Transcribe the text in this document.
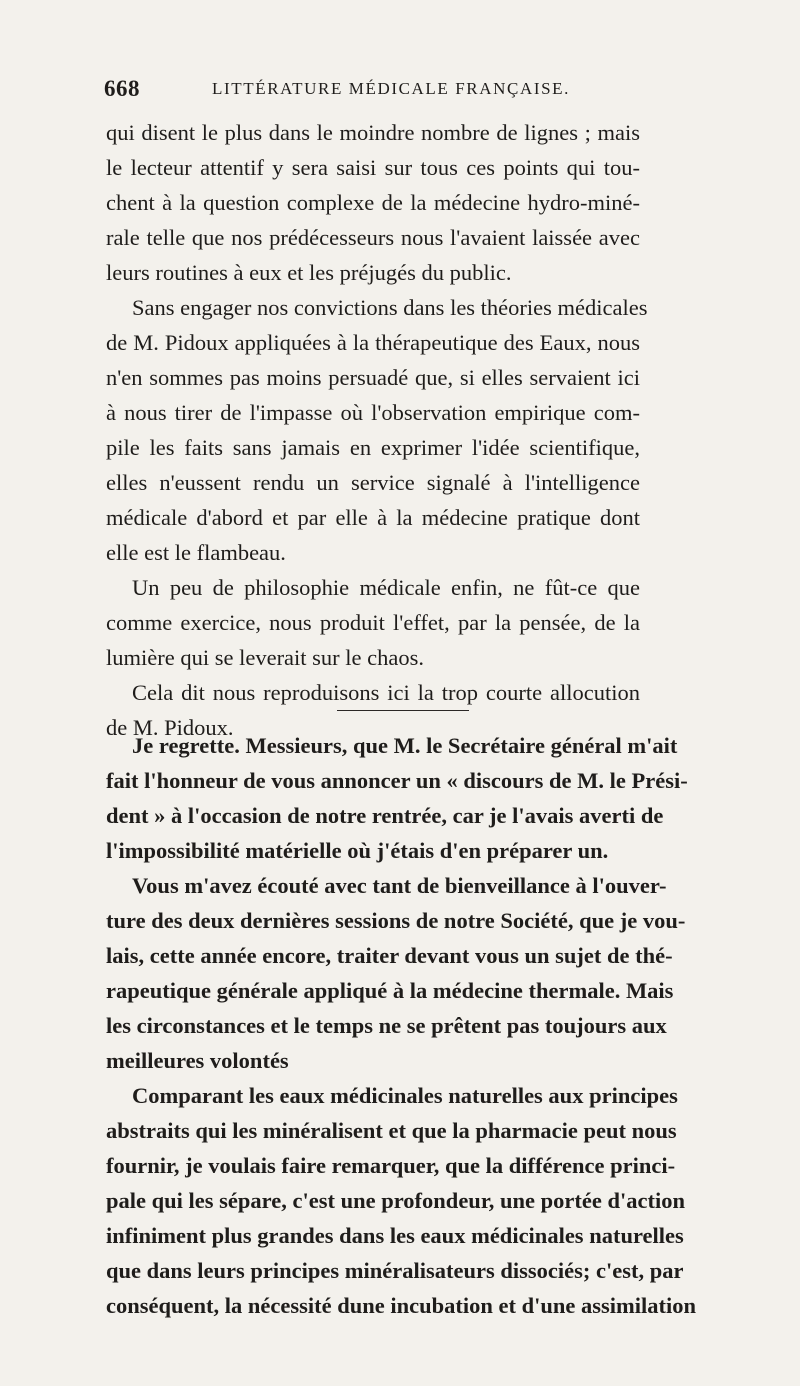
668	LITTÉRATURE MÉDICALE FRANÇAISE.
qui disent le plus dans le moindre nombre de lignes ; mais
le lecteur attentif y sera saisi sur tous ces points qui tou-
chent à la question complexe de la médecine hydro-miné-
rale telle que nos prédécesseurs nous l'avaient laissée avec
leurs routines à eux et les préjugés du public.
Sans engager nos convictions dans les théories médicales
de M. Pidoux appliquées à la thérapeutique des Eaux, nous
n'en sommes pas moins persuadé que, si elles servaient ici
à nous tirer de l'impasse où l'observation empirique com-
pile les faits sans jamais en exprimer l'idée scientifique,
elles n'eussent rendu un service signalé à l'intelligence
médicale d'abord et par elle à la médecine pratique dont
elle est le flambeau.
Un peu de philosophie médicale enfin, ne fût-ce que
comme exercice, nous produit l'effet, par la pensée, de la
lumière qui se leverait sur le chaos.
Cela dit nous reproduisons ici la trop courte allocution
de M. Pidoux.
Je regrette. Messieurs, que M. le Secrétaire général m'ait
fait l'honneur de vous annoncer un « discours de M. le Prési-
dent » à l'occasion de notre rentrée, car je l'avais averti de
l'impossibilité matérielle où j'étais d'en préparer un.
Vous m'avez écouté avec tant de bienveillance à l'ouver-
ture des deux dernières sessions de notre Société, que je vou-
lais, cette année encore, traiter devant vous un sujet de thé-
rapeutique générale appliqué à la médecine thermale. Mais
les circonstances et le temps ne se prêtent pas toujours aux
meilleures volontés
Comparant les eaux médicinales naturelles aux principes
abstraits qui les minéralisent et que la pharmacie peut nous
fournir, je voulais faire remarquer, que la différence princi-
pale qui les sépare, c'est une profondeur, une portée d'action
infiniment plus grandes dans les eaux médicinales naturelles
que dans leurs principes minéralisateurs dissociés; c'est, par
conséquent, la nécessité dune incubation et d'une assimilation
